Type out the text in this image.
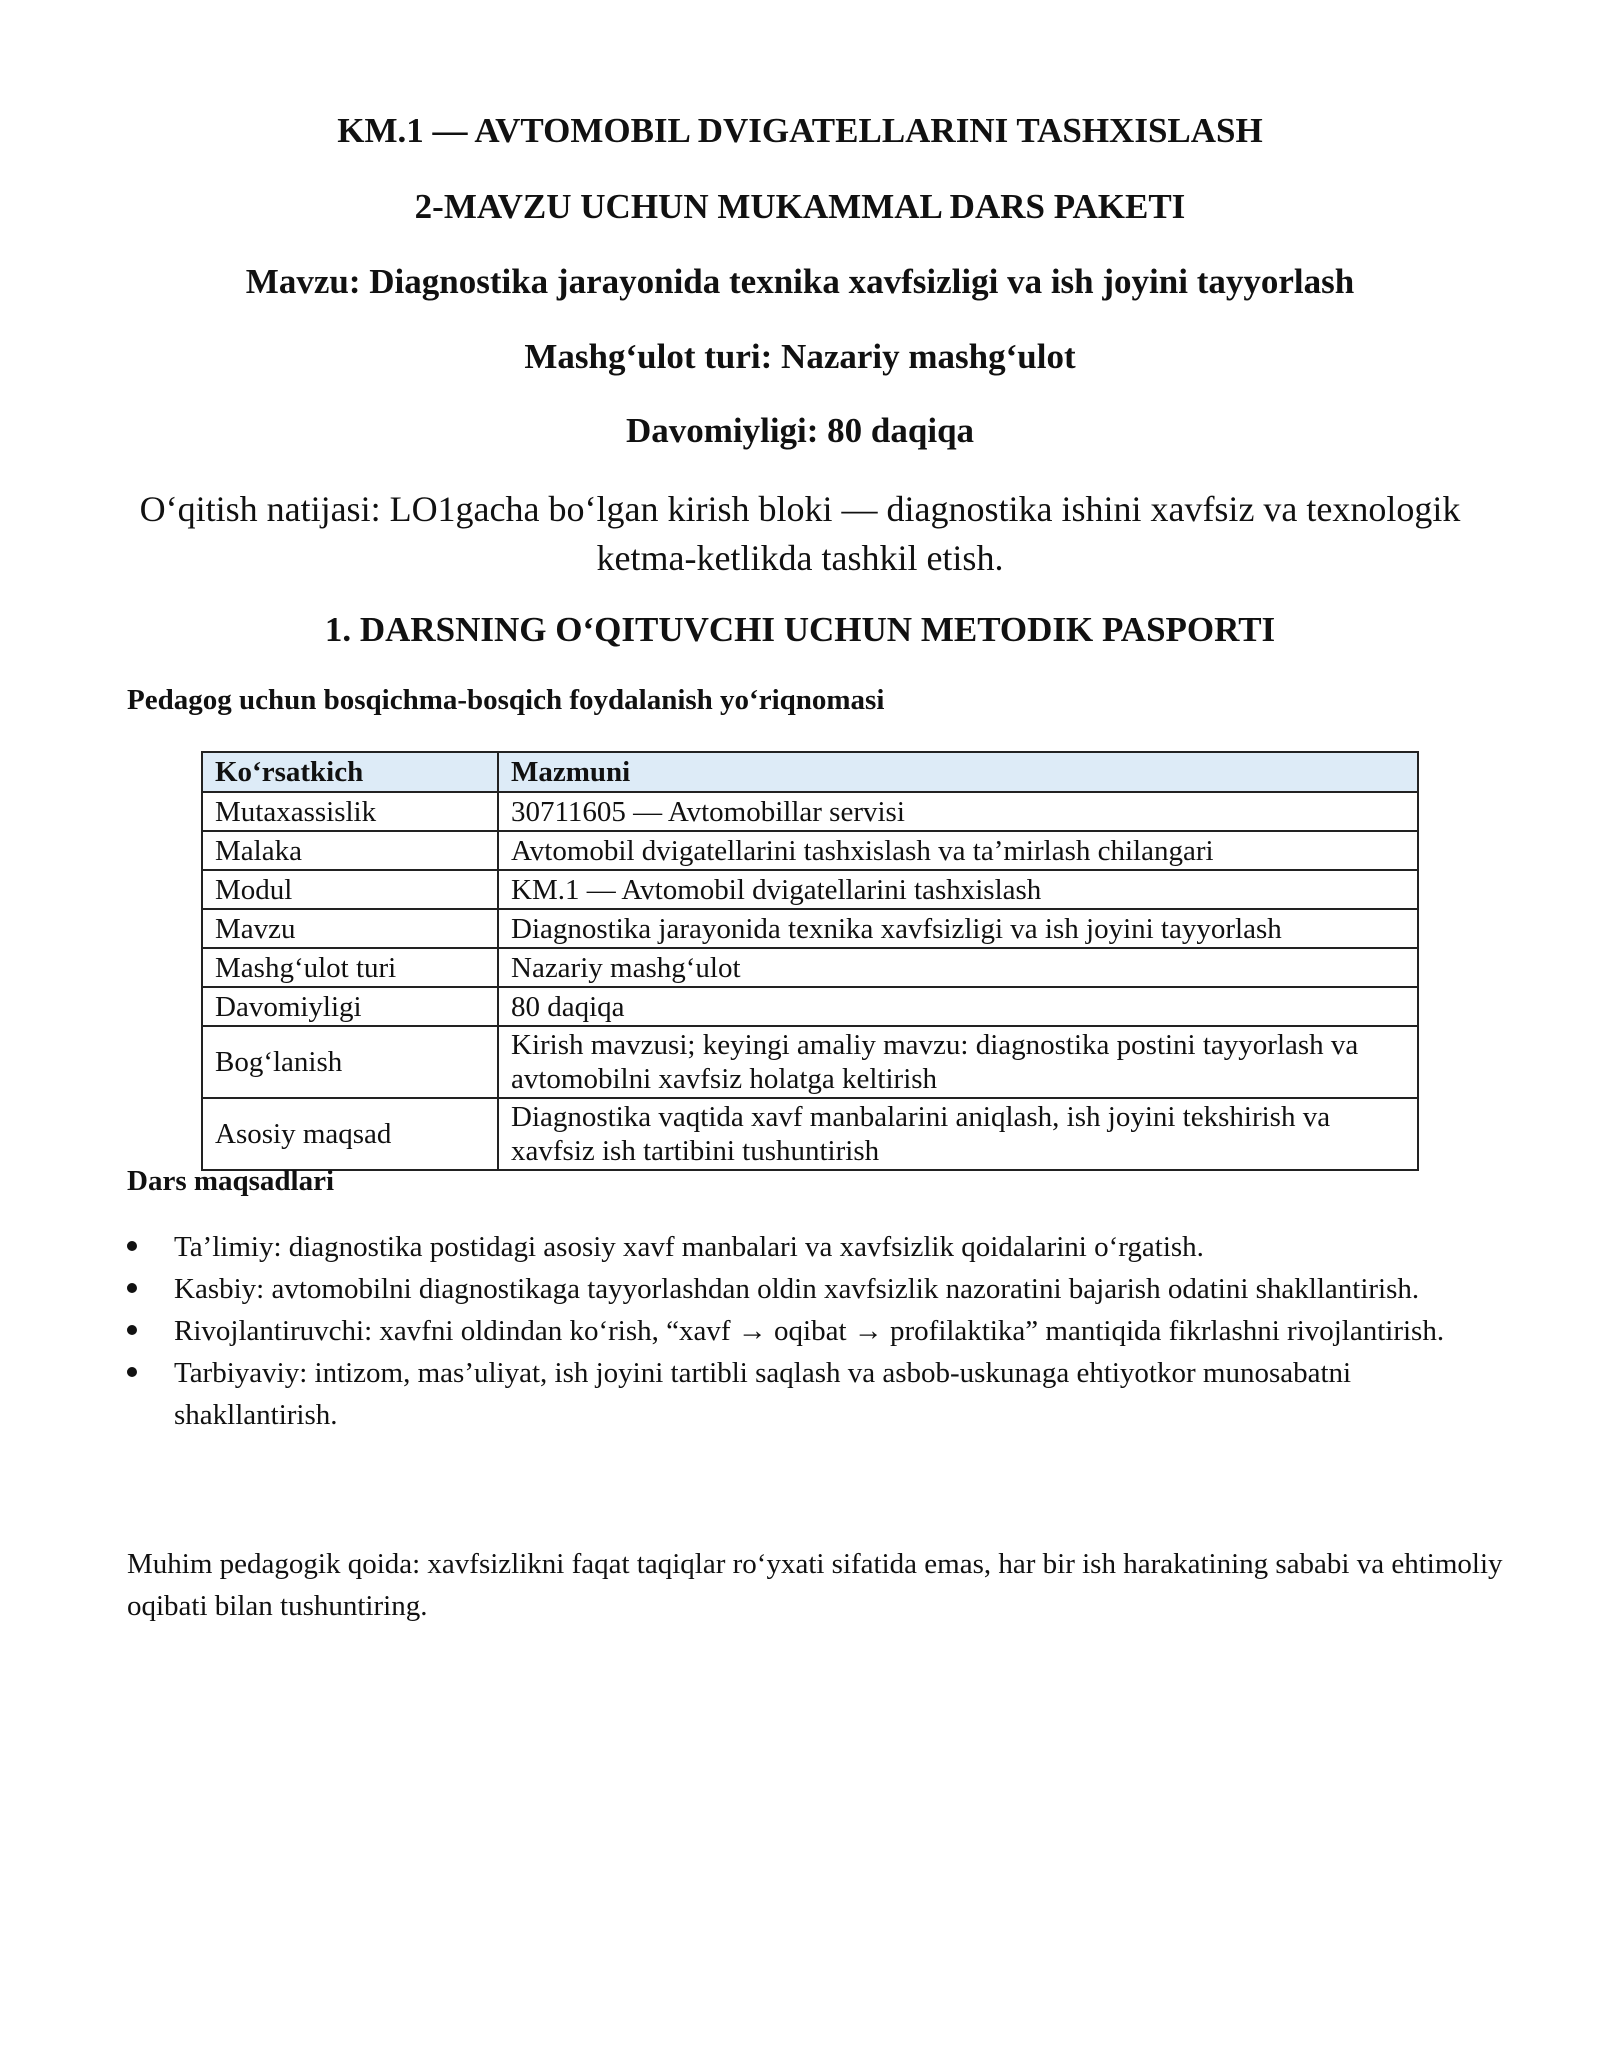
KM.1 — AVTOMOBIL DVIGATELLARINI TASHXISLASH
2-MAVZU UCHUN MUKAMMAL DARS PAKETI

Mavzu: Diagnostika jarayonida texnika xavfsizligi va ish joyini tayyorlash

Mashg‘ulot turi: Nazariy mashg‘ulot

Davomiyligi: 80 daqiqa

O‘qitish natijasi: LO1gacha bo‘lgan kirish bloki — diagnostika ishini xavfsiz va texnologik ketma-ketlikda tashkil etish.

1. DARSNING O‘QITUVCHI UCHUN METODIK PASPORTI

Pedagog uchun bosqichma-bosqich foydalanish yo‘riqnomasi

Ko‘rsatkich	Mazmuni
Mutaxassislik	30711605 — Avtomobillar servisi
Malaka	Avtomobil dvigatellarini tashxislash va ta’mirlash chilangari
Modul	KM.1 — Avtomobil dvigatellarini tashxislash
Mavzu	Diagnostika jarayonida texnika xavfsizligi va ish joyini tayyorlash
Mashg‘ulot turi	Nazariy mashg‘ulot
Davomiyligi	80 daqiqa
Bog‘lanish	Kirish mavzusi; keyingi amaliy mavzu: diagnostika postini tayyorlash va avtomobilni xavfsiz holatga keltirish
Asosiy maqsad	Diagnostika vaqtida xavf manbalarini aniqlash, ish joyini tekshirish va xavfsiz ish tartibini tushuntirish

Dars maqsadlari

Ta’limiy: diagnostika postidagi asosiy xavf manbalari va xavfsizlik qoidalarini o‘rgatish.
Kasbiy: avtomobilni diagnostikaga tayyorlashdan oldin xavfsizlik nazoratini bajarish odatini shakllantirish.
Rivojlantiruvchi: xavfni oldindan ko‘rish, “xavf → oqibat → profilaktika” mantiqida fikrlashni rivojlantirish.
Tarbiyaviy: intizom, mas’uliyat, ish joyini tartibli saqlash va asbob-uskunaga ehtiyotkor munosabatni shakllantirish.

Muhim pedagogik qoida: xavfsizlikni faqat taqiqlar ro‘yxati sifatida emas, har bir ish harakatining sababi va ehtimoliy oqibati bilan tushuntiring.
